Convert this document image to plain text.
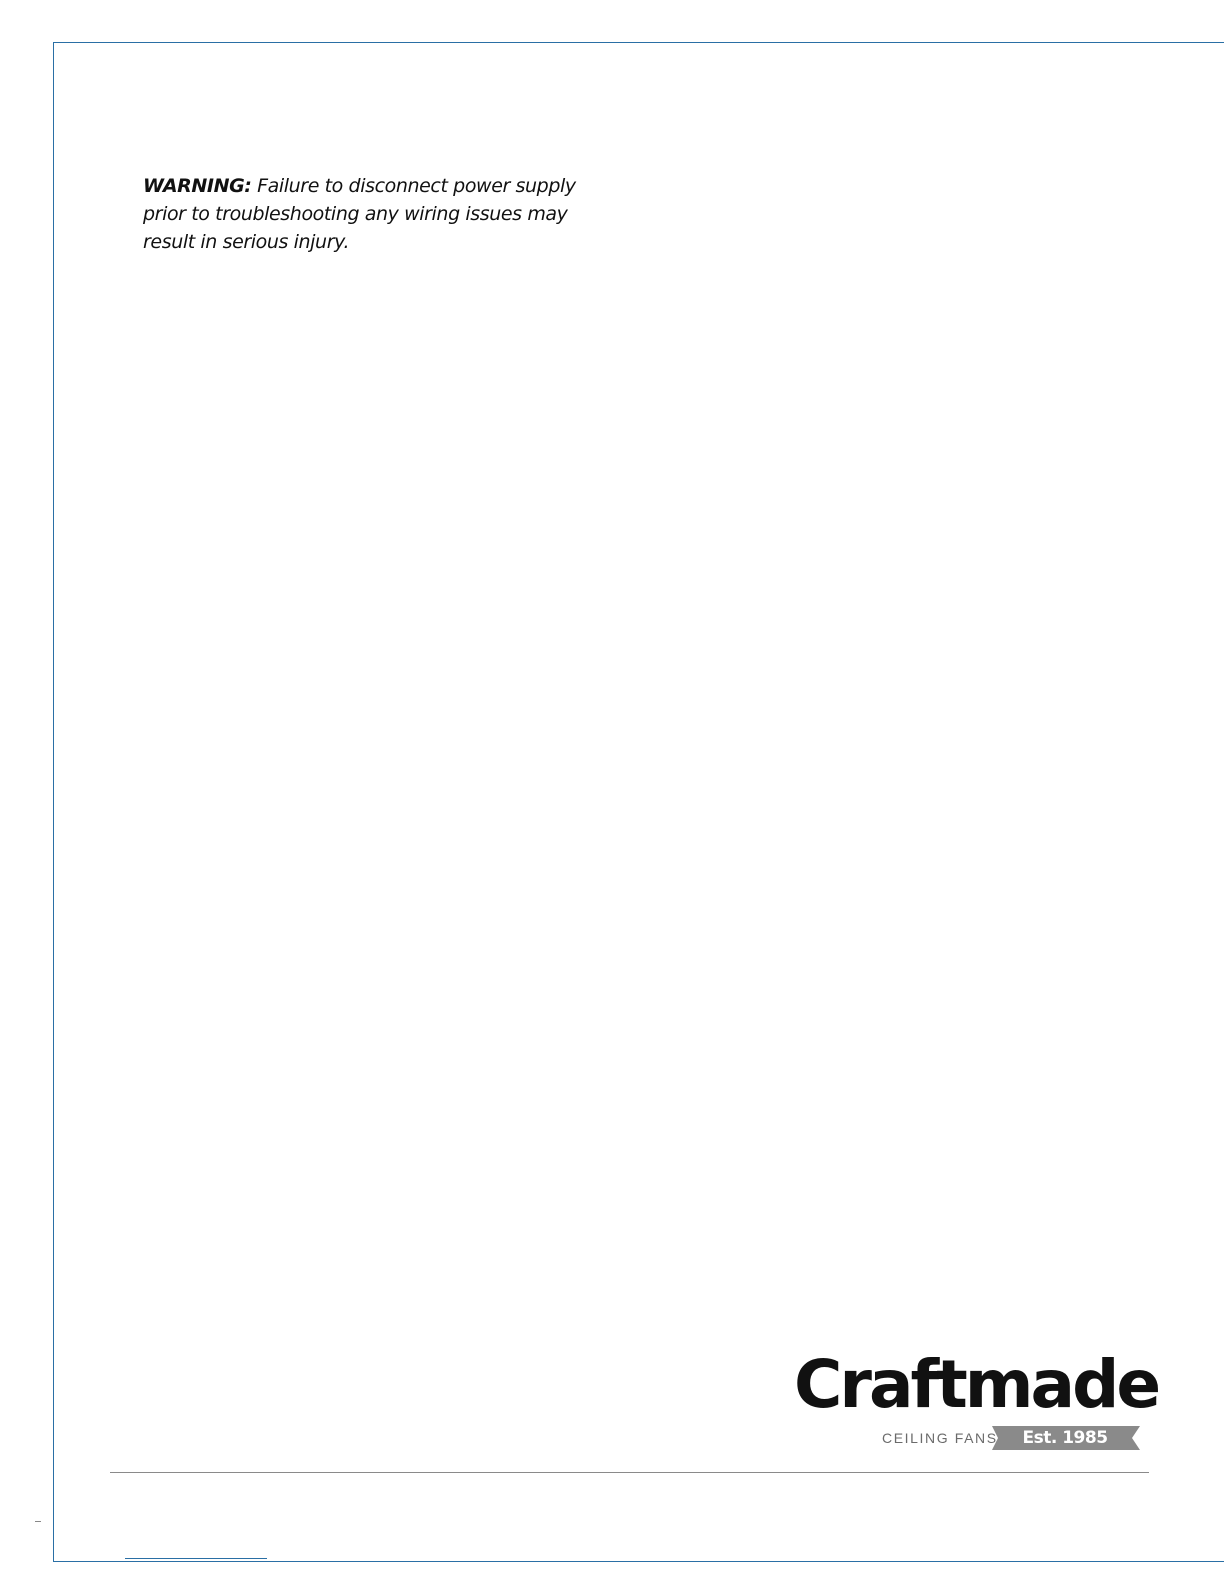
WARNING: Failure to disconnect power supply
prior to troubleshooting any wiring issues may
result in serious injury.
Craftmade
CEILING FANS	Est. 1985
